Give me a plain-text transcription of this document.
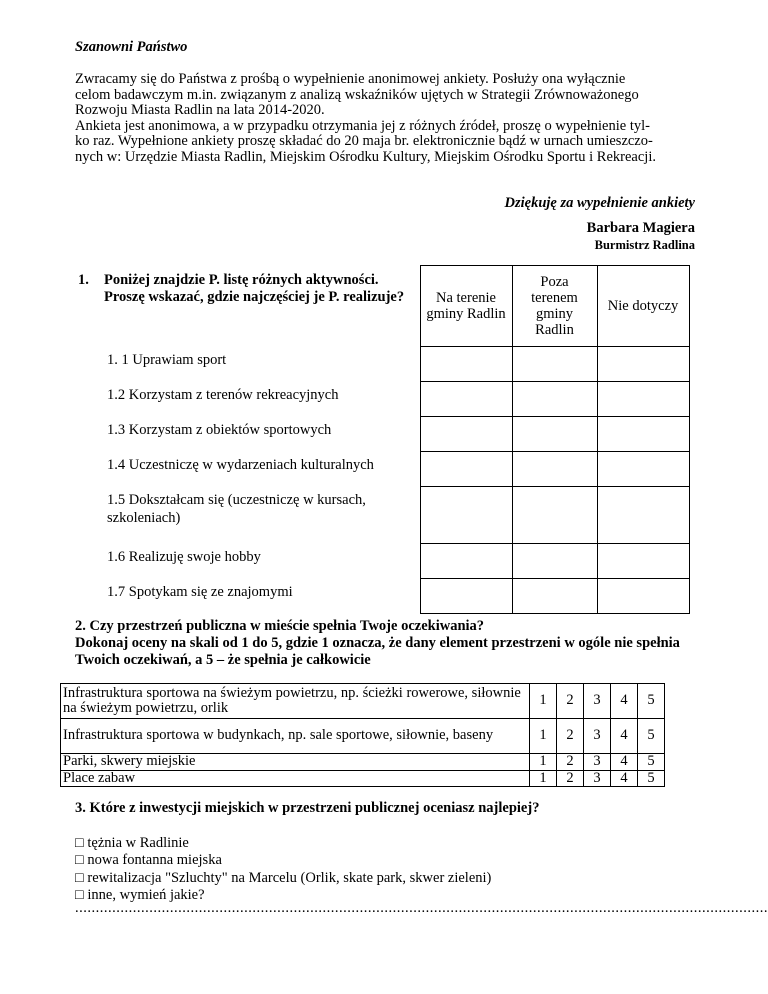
Szanowni Państwo
Zwracamy się do Państwa z prośbą o wypełnienie anonimowej ankiety. Posłuży ona wyłącznie
celom badawczym m.in. związanym z analizą wskaźników ujętych w Strategii Zrównoważonego
Rozwoju Miasta Radlin na lata 2014-2020.
Ankieta jest anonimowa, a w przypadku otrzymania jej z różnych źródeł, proszę o wypełnienie tyl-
ko raz. Wypełnione ankiety proszę składać do 20 maja br. elektronicznie bądź w urnach umieszczo-
nych w: Urzędzie Miasta Radlin, Miejskim Ośrodku Kultury, Miejskim Ośrodku Sportu i Rekreacji.
Dziękuję za wypełnienie ankiety
Barbara Magiera
Burmistrz Radlina
1. Poniżej znajdzie P. listę różnych aktywności. Proszę wskazać, gdzie najczęściej je P. realizuje?	Na terenie gminy Radlin	Poza terenem gminy Radlin	Nie dotyczy

1. 1 Uprawiam sport			

1.2 Korzystam z terenów rekreacyjnych			

1.3 Korzystam z obiektów sportowych			

1.4 Uczestniczę w wydarzeniach kulturalnych			

1.5 Dokształcam się (uczestniczę w kursach, szkoleniach)			

1.6 Realizuję swoje hobby			

1.7 Spotykam się ze znajomymi			

2. Czy przestrzeń publiczna w mieście spełnia Twoje oczekiwania?
Dokonaj oceny na skali od 1 do 5, gdzie 1 oznacza, że dany element przestrzeni w ogóle nie spełnia Twoich oczekiwań, a 5 – że spełnia je całkowicie
Infrastruktura sportowa na świeżym powietrzu, np. ścieżki rowerowe, siłownie na świeżym powietrzu, orlik	1	2	3	4	5
Infrastruktura sportowa w budynkach, np. sale sportowe, siłownie, baseny	1	2	3	4	5
Parki, skwery miejskie	1	2	3	4	5
Place zabaw	1	2	3	4	5
3. Które z inwestycji miejskich w przestrzeni publicznej oceniasz najlepiej?
□ tężnia w Radlinie
□ nowa fontanna miejska
□ rewitalizacja "Szluchty" na Marcelu (Orlik, skate park, skwer zieleni)
□ inne, wymień jakie?
........................................................................................................................................................................
